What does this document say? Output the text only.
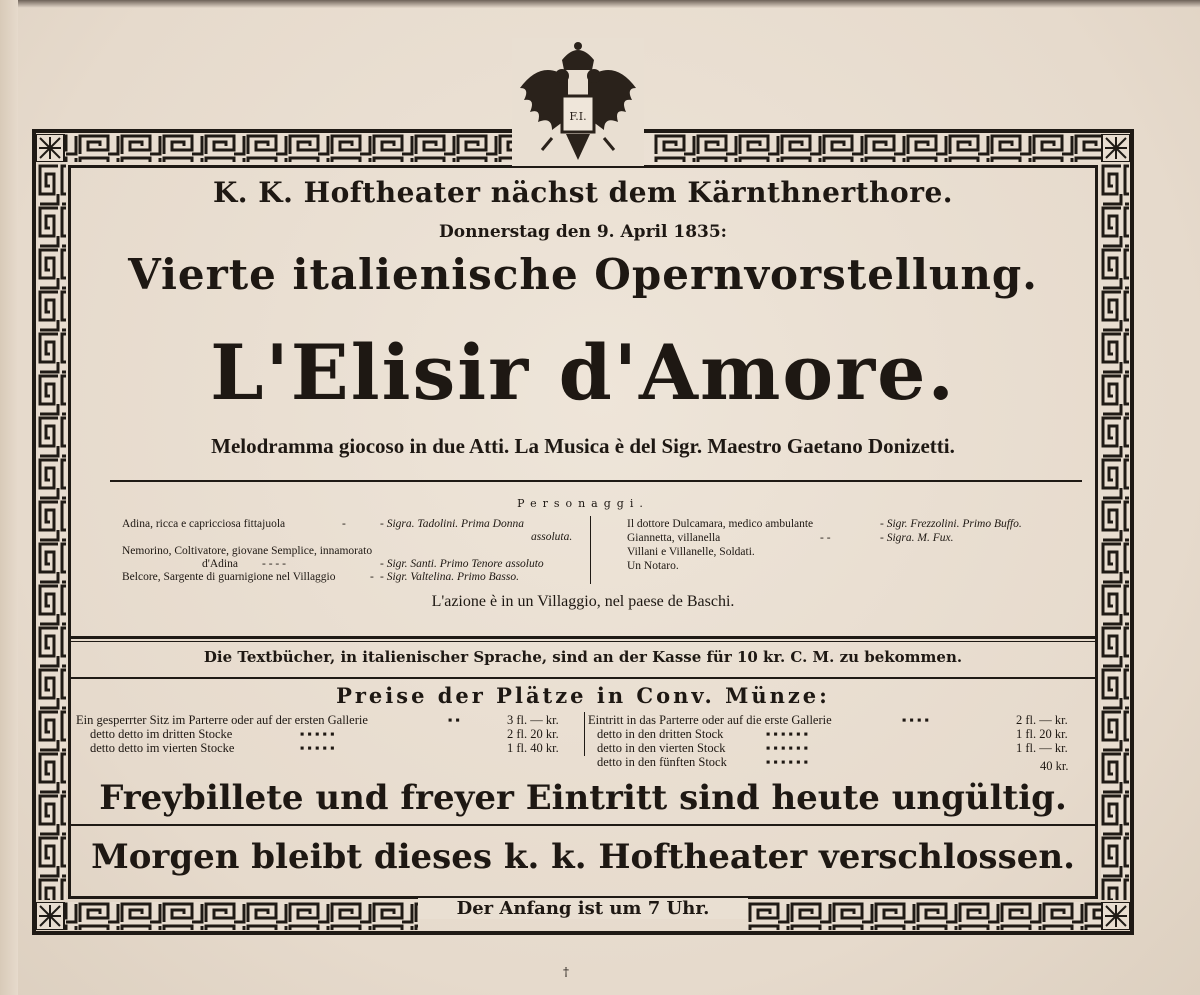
F.I.
K. K. Hoftheater nächst dem Kärnthnerthore.
Donnerstag den 9. April 1835:
Vierte italienische Opernvorstellung.
L'Elisir d'Amore.
Melodramma giocoso in due Atti. La Musica è del Sigr. Maestro Gaetano Donizetti.
Personaggi.
Adina, ricca e capricciosa fittajuola	-	- Sigra. Tadolini. Prima Donna
assoluta.
Nemorino, Coltivatore, giovane Semplice, innamorato
d'Adina - - - -	- Sigr. Santi. Primo Tenore assoluto
Belcore, Sargente di guarnigione nel Villaggio	- - Sigr. Valtelina. Primo Basso.
Il dottore Dulcamara, medico ambulante	- Sigr. Frezzolini. Primo Buffo.
Giannetta, villanella	- -	- Sigra. M. Fux.
Villani e Villanelle, Soldati.
Un Notaro.
L'azione è in un Villaggio, nel paese de Baschi.
Die Textbücher, in italienischer Sprache, sind an der Kasse für 10 kr. C. M. zu bekommen.
Preise der Plätze in Conv. Münze:
Ein gesperrter Sitz im Parterre oder auf der ersten Gallerie	▪ ▪	3 fl. — kr.
detto detto im dritten Stocke	▪ ▪ ▪ ▪ ▪	2 fl. 20 kr.
detto detto im vierten Stocke	▪ ▪ ▪ ▪ ▪	1 fl. 40 kr.
Eintritt in das Parterre oder auf die erste Gallerie	▪ ▪ ▪ ▪	2 fl. — kr.
detto in den dritten Stock	▪ ▪ ▪ ▪ ▪ ▪	1 fl. 20 kr.
detto in den vierten Stock	▪ ▪ ▪ ▪ ▪ ▪	1 fl. — kr.
detto in den fünften Stock	▪ ▪ ▪ ▪ ▪ ▪	40 kr.
Freybillete und freyer Eintritt sind heute ungültig.
Morgen bleibt dieses k. k. Hoftheater verschlossen.
Der Anfang ist um 7 Uhr.
†
